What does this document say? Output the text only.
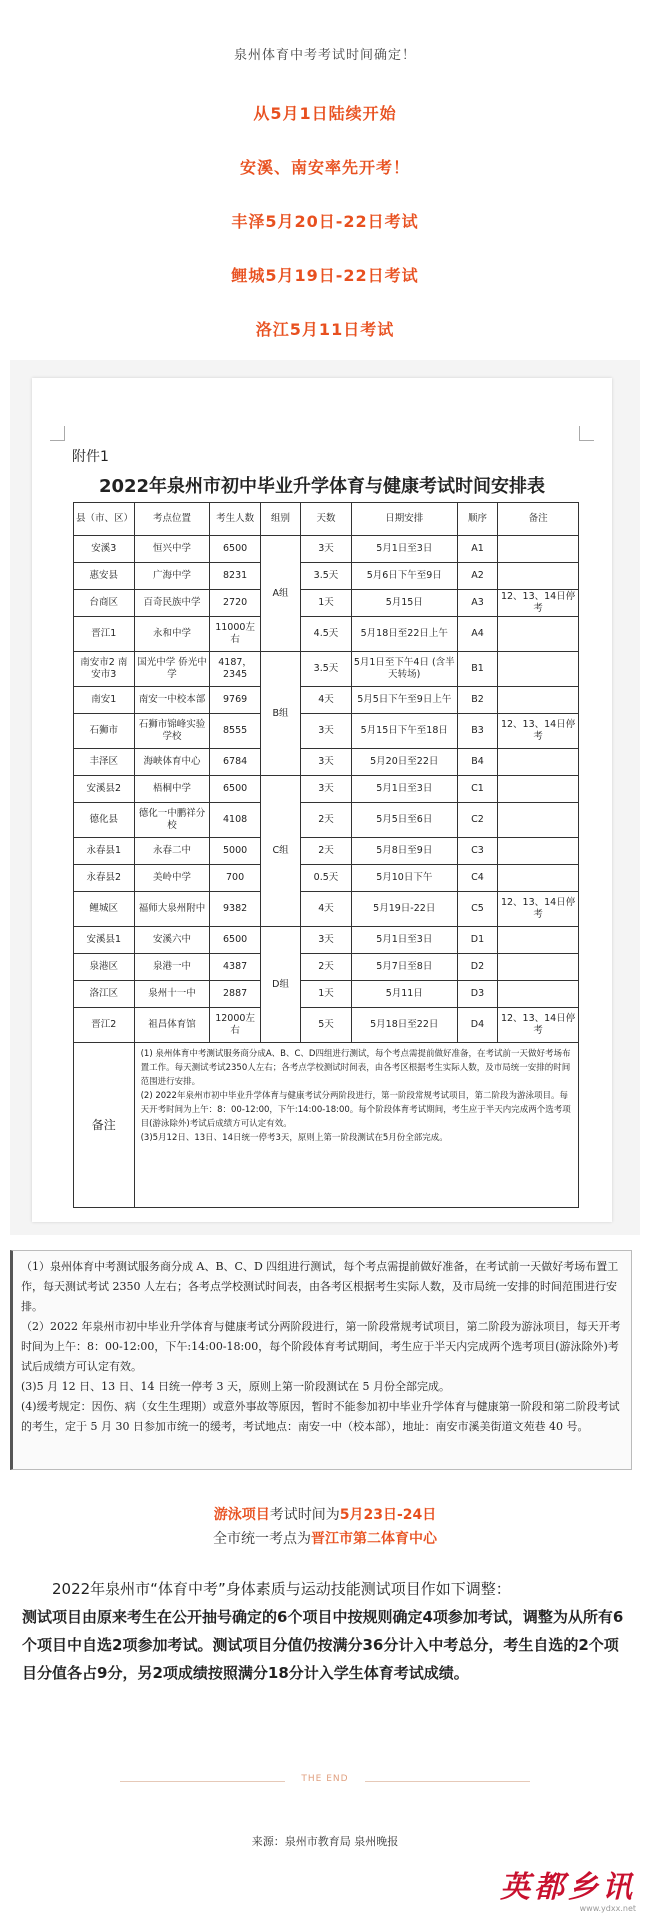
泉州体育中考考试时间确定！
从5月1日陆续开始
安溪、南安率先开考！
丰泽5月20日-22日考试
鲤城5月19日-22日考试
洛江5月11日考试
附件1
2022年泉州市初中毕业升学体育与健康考试时间安排表
县（市、区）	考点位置	考生人数	组别	天数	日期安排	顺序	备注
安溪3	恒兴中学	6500	A组	3天	5月1日至3日	A1	
惠安县	广海中学	8231		3.5天	5月6日下午至9日	A2	
台商区	百奇民族中学	2720		1天	5月15日	A3	12、13、14日停考
晋江1	永和中学	11000左右		4.5天	5月18日至22日上午	A4	
南安市2 南安市3	国光中学 侨光中学	4187， 2345	B组	3.5天	5月1日至下午4日 (含半天转场)	B1	
南安1	南安一中校本部	9769		4天	5月5日下午至9日上午	B2	
石狮市	石狮市锦峰实验学校	8555		3天	5月15日下午至18日	B3	12、13、14日停考
丰泽区	海峡体育中心	6784		3天	5月20日至22日	B4	
安溪县2	梧桐中学	6500	C组	3天	5月1日至3日	C1	
德化县	德化一中鹏祥分校	4108		2天	5月5日至6日	C2	
永春县1	永春二中	5000		2天	5月8日至9日	C3	
永春县2	美岭中学	700		0.5天	5月10日下午	C4	
鲤城区	福师大泉州附中	9382		4天	5月19日-22日	C5	12、13、14日停考
安溪县1	安溪六中	6500	D组	3天	5月1日至3日	D1	
泉港区	泉港一中	4387		2天	5月7日至8日	D2	
洛江区	泉州十一中	2887		1天	5月11日	D3	
晋江2	祖昌体育馆	12000左右		5天	5月18日至22日	D4	12、13、14日停考
备注	(1) 泉州体育中考测试服务商分成A、B、C、D四组进行测试，每个考点需提前做好准备，在考试前一天做好考场布置工作。每天测试考试2350人左右；各考点学校测试时间表，由各考区根据考生实际人数，及市局统一安排的时间范围进行安排。
(2) 2022年泉州市初中毕业升学体育与健康考试分两阶段进行，第一阶段常规考试项目，第二阶段为游泳项目。每天开考时间为上午：8：00-12:00，下午:14:00-18:00。每个阶段体育考试期间，考生应于半天内完成两个选考项目(游泳除外)考试后成绩方可认定有效。
(3)5月12日、13日、14日统一停考3天，原则上第一阶段测试在5月份全部完成。						

（1）泉州体育中考测试服务商分成 A、B、C、D 四组进行测试，每个考点需提前做好准备，在考试前一天做好考场布置工作，每天测试考试 2350 人左右；各考点学校测试时间表，由各考区根据考生实际人数，及市局统一安排的时间范围进行安排。

（2）2022 年泉州市初中毕业升学体育与健康考试分两阶段进行，第一阶段常规考试项目，第二阶段为游泳项目，每天开考时间为上午：8：00-12:00，下午:14:00-18:00，每个阶段体育考试期间，考生应于半天内完成两个选考项目(游泳除外)考试后成绩方可认定有效。

(3)5 月 12 日、13 日、14 日统一停考 3 天，原则上第一阶段测试在 5 月份全部完成。

(4)缓考规定：因伤、病（女生生理期）或意外事故等原因，暂时不能参加初中毕业升学体育与健康第一阶段和第二阶段考试的考生，定于 5 月 30 日参加市统一的缓考，考试地点：南安一中（校本部），地址：南安市溪美街道文苑巷 40 号。

游泳项目考试时间为5月23日-24日
全市统一考点为晋江市第二体育中心
2022年泉州市“体育中考”身体素质与运动技能测试项目作如下调整：
测试项目由原来考生在公开抽号确定的6个项目中按规则确定4项参加考试，调整为从所有6个项目中自选2项参加考试。测试项目分值仍按满分36分计入中考总分，考生自选的2个项目分值各占9分，另2项成绩按照满分18分计入学生体育考试成绩。
THE END
来源：泉州市教育局 泉州晚报
英都乡讯
www.ydxx.net
